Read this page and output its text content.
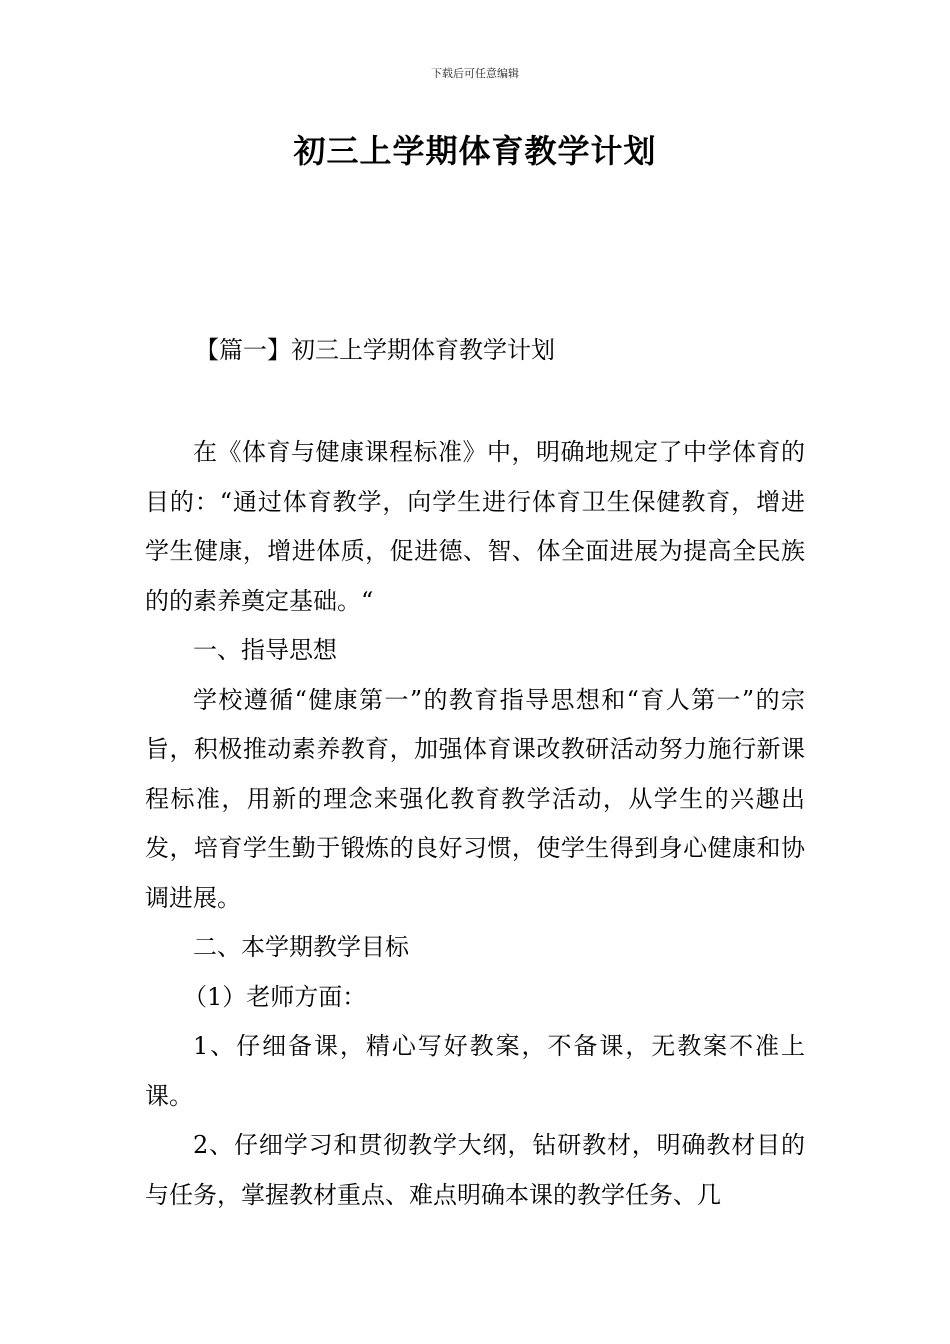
下载后可任意编辑
初三上学期体育教学计划
【篇一】初三上学期体育教学计划

在《体育与健康课程标准》中，明确地规定了中学体育的目的：“通过体育教学，向学生进行体育卫生保健教育，增进学生健康，增进体质，促进德、智、体全面进展为提高全民族的的素养奠定基础。“

一、指导思想

学校遵循“健康第一”的教育指导思想和“育人第一”的宗旨，积极推动素养教育，加强体育课改教研活动努力施行新课程标准，用新的理念来强化教育教学活动，从学生的兴趣出发，培育学生勤于锻炼的良好习惯，使学生得到身心健康和协调进展。

二、本学期教学目标

（1）老师方面：

1、仔细备课，精心写好教案，不备课，无教案不准上课。

2、仔细学习和贯彻教学大纲，钻研教材，明确教材目的与任务，掌握教材重点、难点明确本课的教学任务、几
